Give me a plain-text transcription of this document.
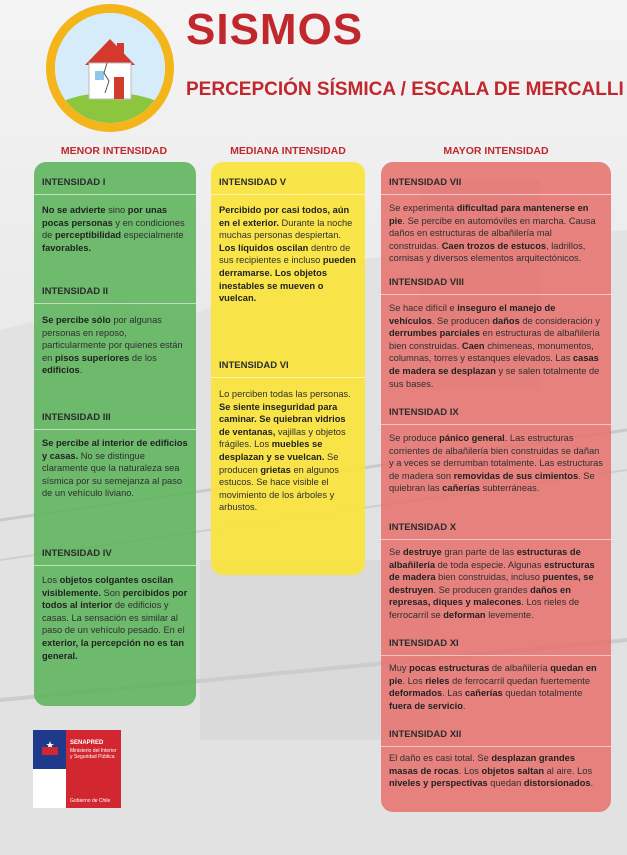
SISMOS
PERCEPCIÓN SÍSMICA / ESCALA DE MERCALLI
MENOR INTENSIDAD	MEDIANA INTENSIDAD	MAYOR INTENSIDAD
INTENSIDAD I
No se advierte sino por unas pocas personas y en condiciones de perceptibilidad especialmente favorables.
INTENSIDAD II
Se percibe sólo por algunas personas en reposo, particularmente por quienes están en pisos superiores de los edificios.
INTENSIDAD III
Se percibe al interior de edificios y casas. No se distingue claramente que la naturaleza sea sísmica por su semejanza al paso de un vehículo liviano.
INTENSIDAD IV
Los objetos colgantes oscilan visiblemente. Son percibidos por todos al interior de edificios y casas. La sensación es similar al paso de un vehículo pesado. En el exterior, la percepción no es tan general.
INTENSIDAD V
Percibido por casi todos, aún en el exterior. Durante la noche muchas personas despiertan. Los líquidos oscilan dentro de sus recipientes e incluso pueden derramarse. Los objetos inestables se mueven o vuelcan.
INTENSIDAD VI
Lo perciben todas las personas. Se siente inseguridad para caminar. Se quiebran vidrios de ventanas, vajillas y objetos frágiles. Los muebles se desplazan y se vuelcan. Se producen grietas en algunos estucos. Se hace visible el movimiento de los árboles y arbustos.
INTENSIDAD VII
Se experimenta dificultad para mantenerse en pie. Se percibe en automóviles en marcha. Causa daños en estructuras de albañilería mal construidas. Caen trozos de estucos, ladrillos, cornisas y diversos elementos arquitectónicos.
INTENSIDAD VIII
Se hace difícil e inseguro el manejo de vehículos. Se producen daños de consideración y derrumbes parciales en estructuras de albañilería bien construidas. Caen chimeneas, monumentos, columnas, torres y estanques elevados. Las casas de madera se desplazan y se salen totalmente de sus bases.
INTENSIDAD IX
Se produce pánico general. Las estructuras corrientes de albañilería bien construidas se dañan y a veces se derrumban totalmente. Las estructuras de madera son removidas de sus cimientos. Se quiebran las cañerías subterráneas.
INTENSIDAD X
Se destruye gran parte de las estructuras de albañilería de toda especie. Algunas estructuras de madera bien construidas, incluso puentes, se destruyen. Se producen grandes daños en represas, diques y malecones. Los rieles de ferrocarril se deforman levemente.
INTENSIDAD XI
Muy pocas estructuras de albañilería quedan en pie. Los rieles de ferrocarril quedan fuertemente deformados. Las cañerías quedan totalmente fuera de servicio.
INTENSIDAD XII
El daño es casi total. Se desplazan grandes masas de rocas. Los objetos saltan al aire. Los niveles y perspectivas quedan distorsionados.
SENAPRED
Ministerio del Interior y Seguridad Pública
Gobierno de Chile
